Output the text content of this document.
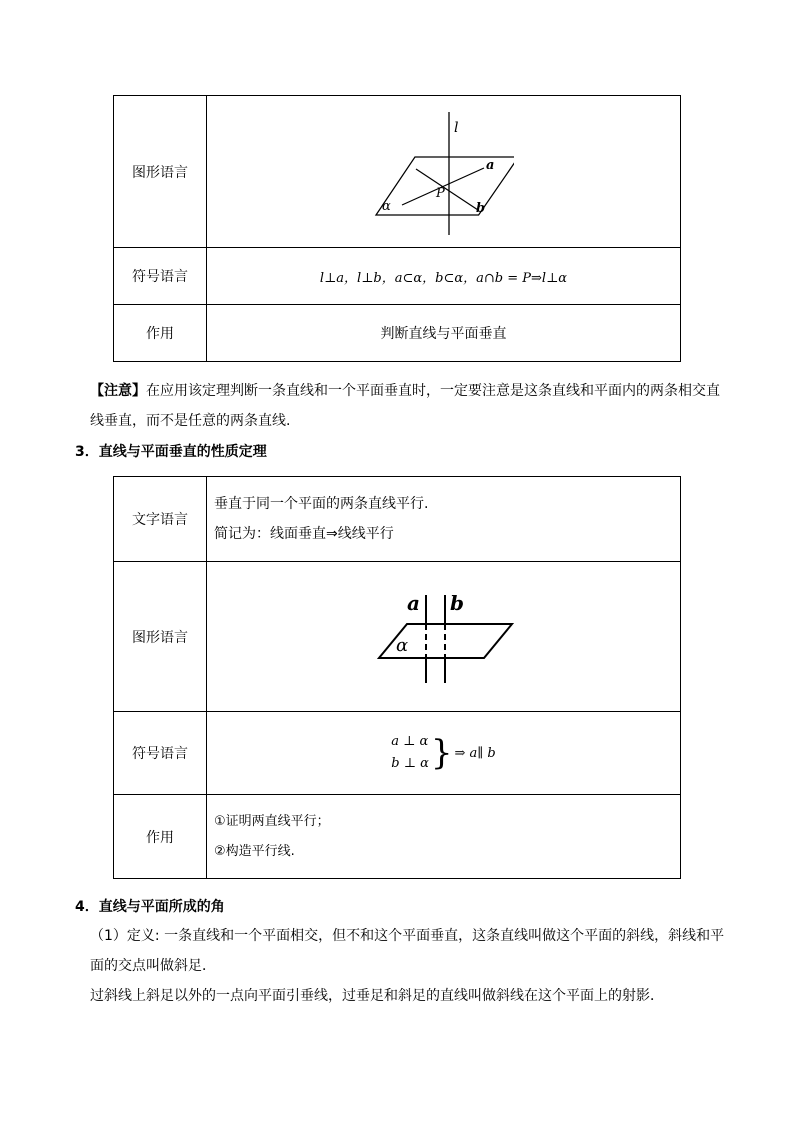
图形语言	l
a
P
b
α

符号语言	l⊥a，l⊥b，a⊂α，b⊂α，a∩b = P⇒l⊥α
作用	判断直线与平面垂直
【注意】在应用该定理判断一条直线和一个平面垂直时，一定要注意是这条直线和平面内的两条相交直
线垂直，而不是任意的两条直线.
3．直线与平面垂直的性质定理
文字语言	垂直于同一个平面的两条直线平行.
简记为：线面垂直⇒线线平行

图形语言	a b
α

符号语言	a ⊥ α
b ⊥ α } ⇒ a∥ b

作用	①证明两直线平行；
②构造平行线.
4．直线与平面所成的角
（1）定义: 一条直线和一个平面相交，但不和这个平面垂直，这条直线叫做这个平面的斜线，斜线和平
面的交点叫做斜足．
过斜线上斜足以外的一点向平面引垂线，过垂足和斜足的直线叫做斜线在这个平面上的射影．
